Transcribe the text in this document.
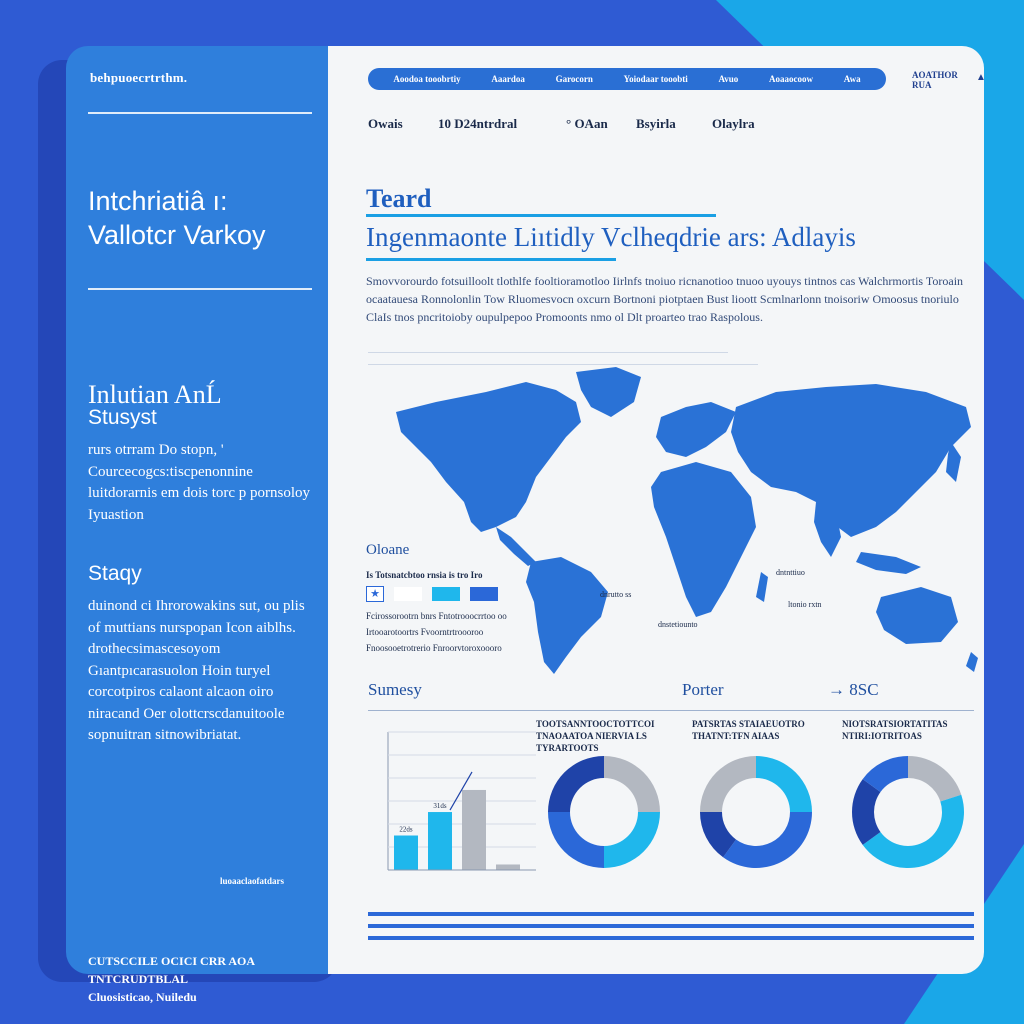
behpuoecrtrthm.
Intchriatiâ ı:
Vallotcr Varkoy
Inlutian AnĹ
Stusyst
rurs otrram Do stopn, ' Courcecogcs:tiscpenonnine luitdorarnis em dois torc p pornsoloy Iyuastion
Staqy
duinond ci Ihrorowakins sut, ou plis of muttians nurspopan Icon aiblhs. drothecsimascesoyom Gıantpıcarasuolon Hoin turyel corcotpiros calaont alcaon oiro niracand Oer olottcrscdanuitoole sopnuitran sitnowibriatat.
luoaaclaofatdars
CUTSCCILE OCICI CRR AOA TNTCRUDTBLAL
Cluosisticao, Nuiledu
Aoodoa tooobrtiy	Aaardoa	Garocorn	Yoiodaar tooobti	Avuo	Aoaaocoow	Awa	AOATHOR
RUA
▲
Owais	10 D24ntrdral	° OAan Bsyirla	Olaylra
Teard
Ingenmaonte Liıtidly Vclheqdrie ars: Adlayis
Smovvorourdo fotsuilloolt tlothlfe fooltioramotloo Iirlnfs tnoiuo ricnanotioo tnuoo uyouys tintnos cas Walchrmortis Toroain ocaatauesa Ronnolonlin Tow Rluomesvocn oxcurn Bortnoni piotptaen Bust lioott Scmlnarlonn tnoisoriw Omoosus tnoriulo ClaIs tnos pncritoioby oupulpepoo Promoonts nmo ol Dlt proarteo trao Raspolous.
dntnttiuo
dnrutto ss
ltonio rxtn
dnstetiounto
Oloane
Is Totsnatcbtoo rnsia is tro Iro
★
Fcirossorootrn bnrs Fntotrooocrrtoo oo Irtooarotoortrs Fvoorntrtroooroo Fnoosooetrotrerio Fnroorvtoroxoooro
Sumesy	Porter	→ 8SC
22ds
31ds
TOOTSANNTOOCTOTTCOI TNAOAATOA NIERVIA LS TYRARTOOTS
PATSRTAS STAIAEUOTRO THATNT:TFN AIAAS
NIOTSRATSIORTATITAS NTIRI:IOTRITOAS
